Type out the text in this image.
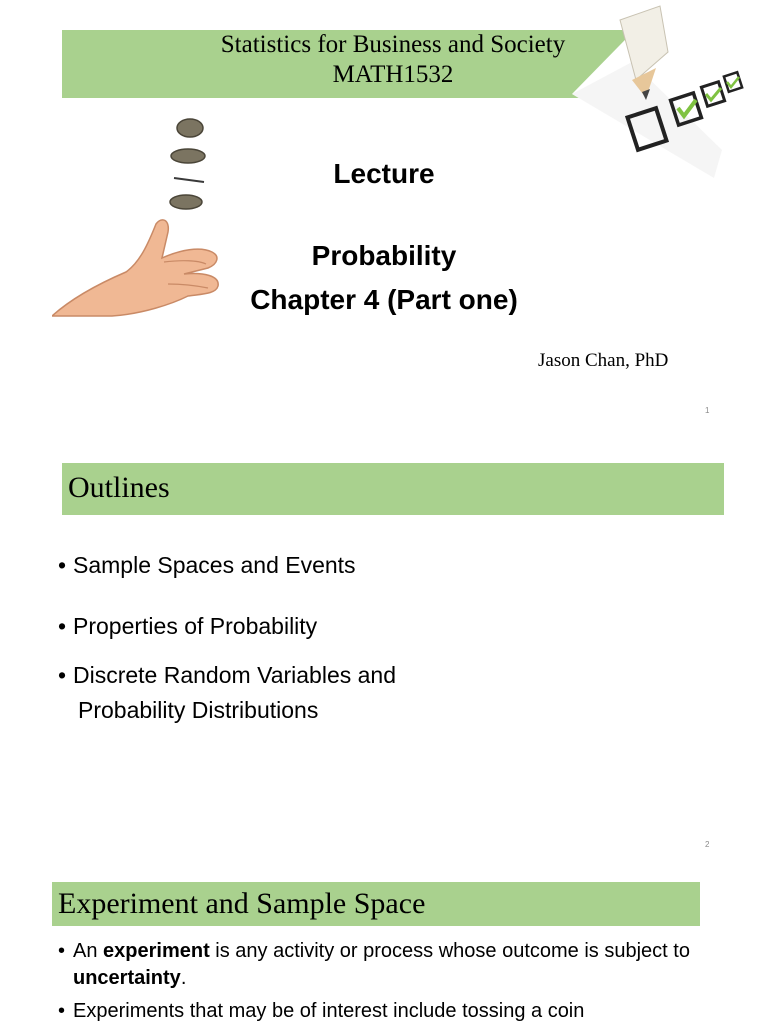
Statistics for Business and Society
MATH1532
Lecture
Probability
Chapter 4 (Part one)
Jason Chan, PhD
1
Outlines
• Sample Spaces and Events
• Properties of Probability
• Discrete Random Variables and
Probability Distributions
2
Experiment and Sample Space
• An experiment is any activity or process whose outcome is subject to uncertainty.
• Experiments that may be of interest include tossing a coin
